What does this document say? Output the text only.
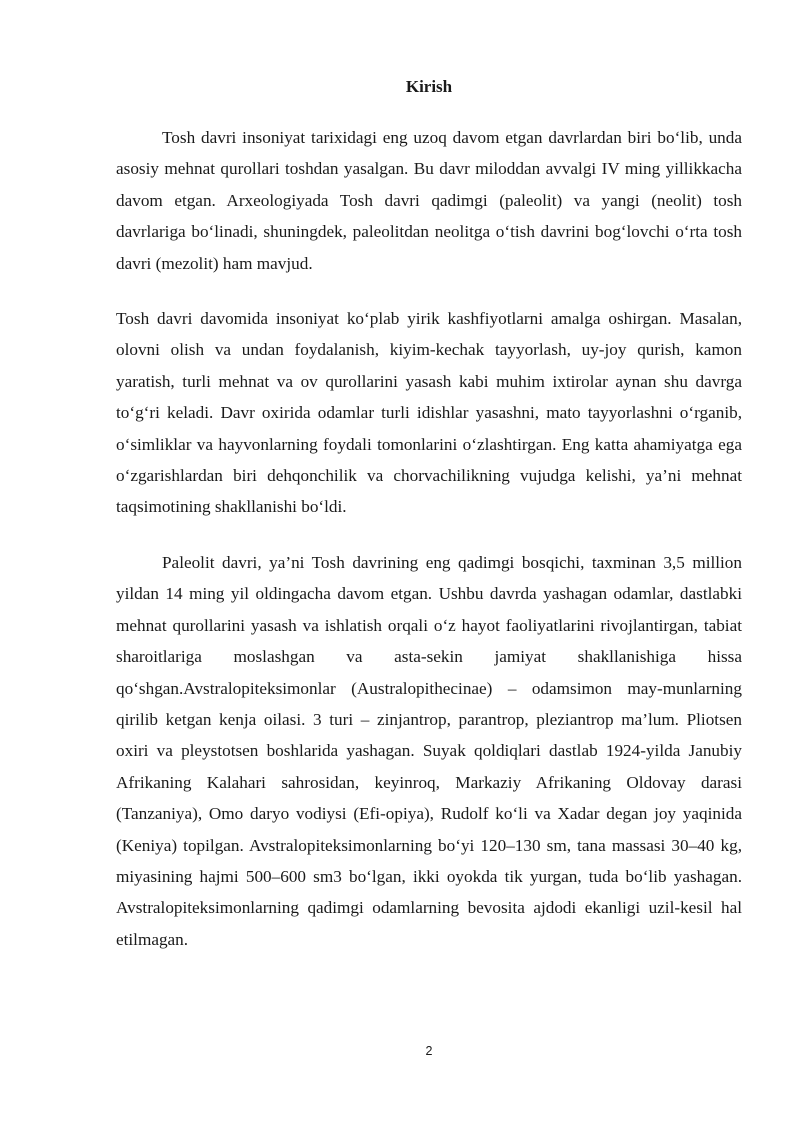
Kirish

Tosh davri insoniyat tarixidagi eng uzoq davom etgan davrlardan biri bo‘lib, unda asosiy mehnat qurollari toshdan yasalgan. Bu davr miloddan avvalgi IV ming yillikkacha davom etgan. Arxeologiyada Tosh davri qadimgi (paleolit) va yangi (neolit) tosh davrlariga bo‘linadi, shuningdek, paleolitdan neolitga o‘tish davrini bog‘lovchi o‘rta tosh davri (mezolit) ham mavjud.

Tosh davri davomida insoniyat ko‘plab yirik kashfiyotlarni amalga oshirgan. Masalan, olovni olish va undan foydalanish, kiyim-kechak tayyorlash, uy-joy qurish, kamon yaratish, turli mehnat va ov qurollarini yasash kabi muhim ixtirolar aynan shu davrga to‘g‘ri keladi. Davr oxirida odamlar turli idishlar yasashni, mato tayyorlashni o‘rganib, o‘simliklar va hayvonlarning foydali tomonlarini o‘zlashtirgan. Eng katta ahamiyatga ega o‘zgarishlardan biri dehqonchilik va chorvachilikning vujudga kelishi, ya’ni mehnat taqsimotining shakllanishi bo‘ldi.

Paleolit davri, ya’ni Tosh davrining eng qadimgi bosqichi, taxminan 3,5 million yildan 14 ming yil oldingacha davom etgan. Ushbu davrda yashagan odamlar, dastlabki mehnat qurollarini yasash va ishlatish orqali o‘z hayot faoliyatlarini rivojlantirgan, tabiat sharoitlariga moslashgan va asta-sekin jamiyat shakllanishiga hissa qo‘shgan.Avstralopiteksimonlar (Australopithecinae) – odamsimon may-munlarning qirilib ketgan kenja oilasi. 3 turi – zinjantrop, parantrop, pleziantrop ma’lum. Pliotsen oxiri va pleystotsen boshlarida yashagan. Suyak qoldiqlari dastlab 1924-yilda Janubiy Afrikaning Kalahari sahrosidan, keyinroq, Markaziy Afrikaning Oldovay darasi (Tanzaniya), Omo daryo vodiysi (Efi-opiya), Rudolf ko‘li va Xadar degan joy yaqinida (Keniya) topilgan. Avstralopiteksimonlarning bo‘yi 120–130 sm, tana massasi 30–40 kg, miyasining hajmi 500–600 sm3 bo‘lgan, ikki oyokda tik yurgan, tuda bo‘lib yashagan. Avstralopiteksimonlarning qadimgi odamlarning bevosita ajdodi ekanligi uzil-kesil hal etilmagan.

2
